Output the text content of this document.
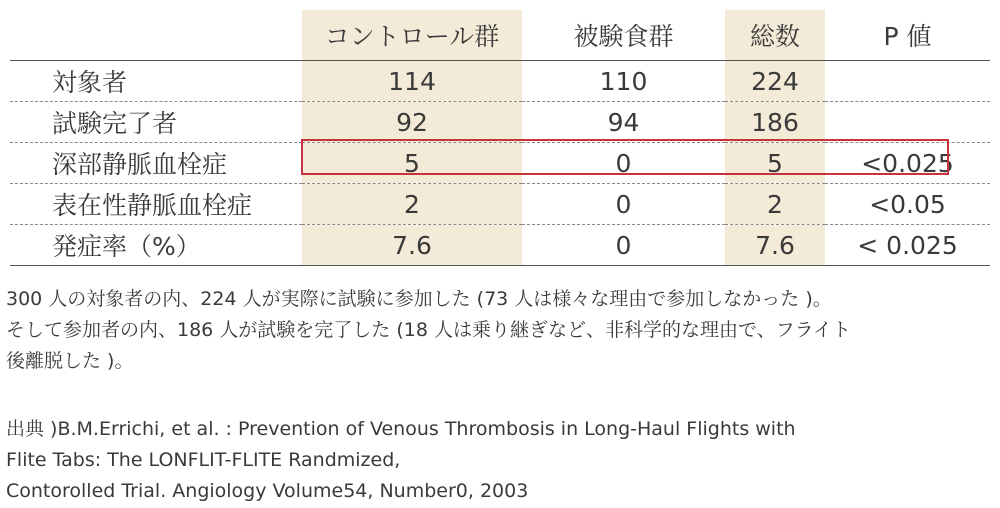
	コントロール群	被験食群	総数	P 値
対象者	114	110	224	
試験完了者	92	94	186	
深部静脈血栓症	5	0	5	<0.025
表在性静脈血栓症	2	0	2	<0.05
発症率（%）	7.6	0	7.6	< 0.025

300 人の対象者の内、224 人が実際に試験に参加した (73 人は様々な理由で参加しなかった )。

そして参加者の内、186 人が試験を完了した (18 人は乗り継ぎなど、非科学的な理由で、フライト

後離脱した )。

出典 )B.M.Errichi, et al. : Prevention of Venous Thrombosis in Long-Haul Flights with

Flite Tabs: The LONFLIT-FLITE Randmized,

Contorolled Trial. Angiology Volume54, Number0, 2003
